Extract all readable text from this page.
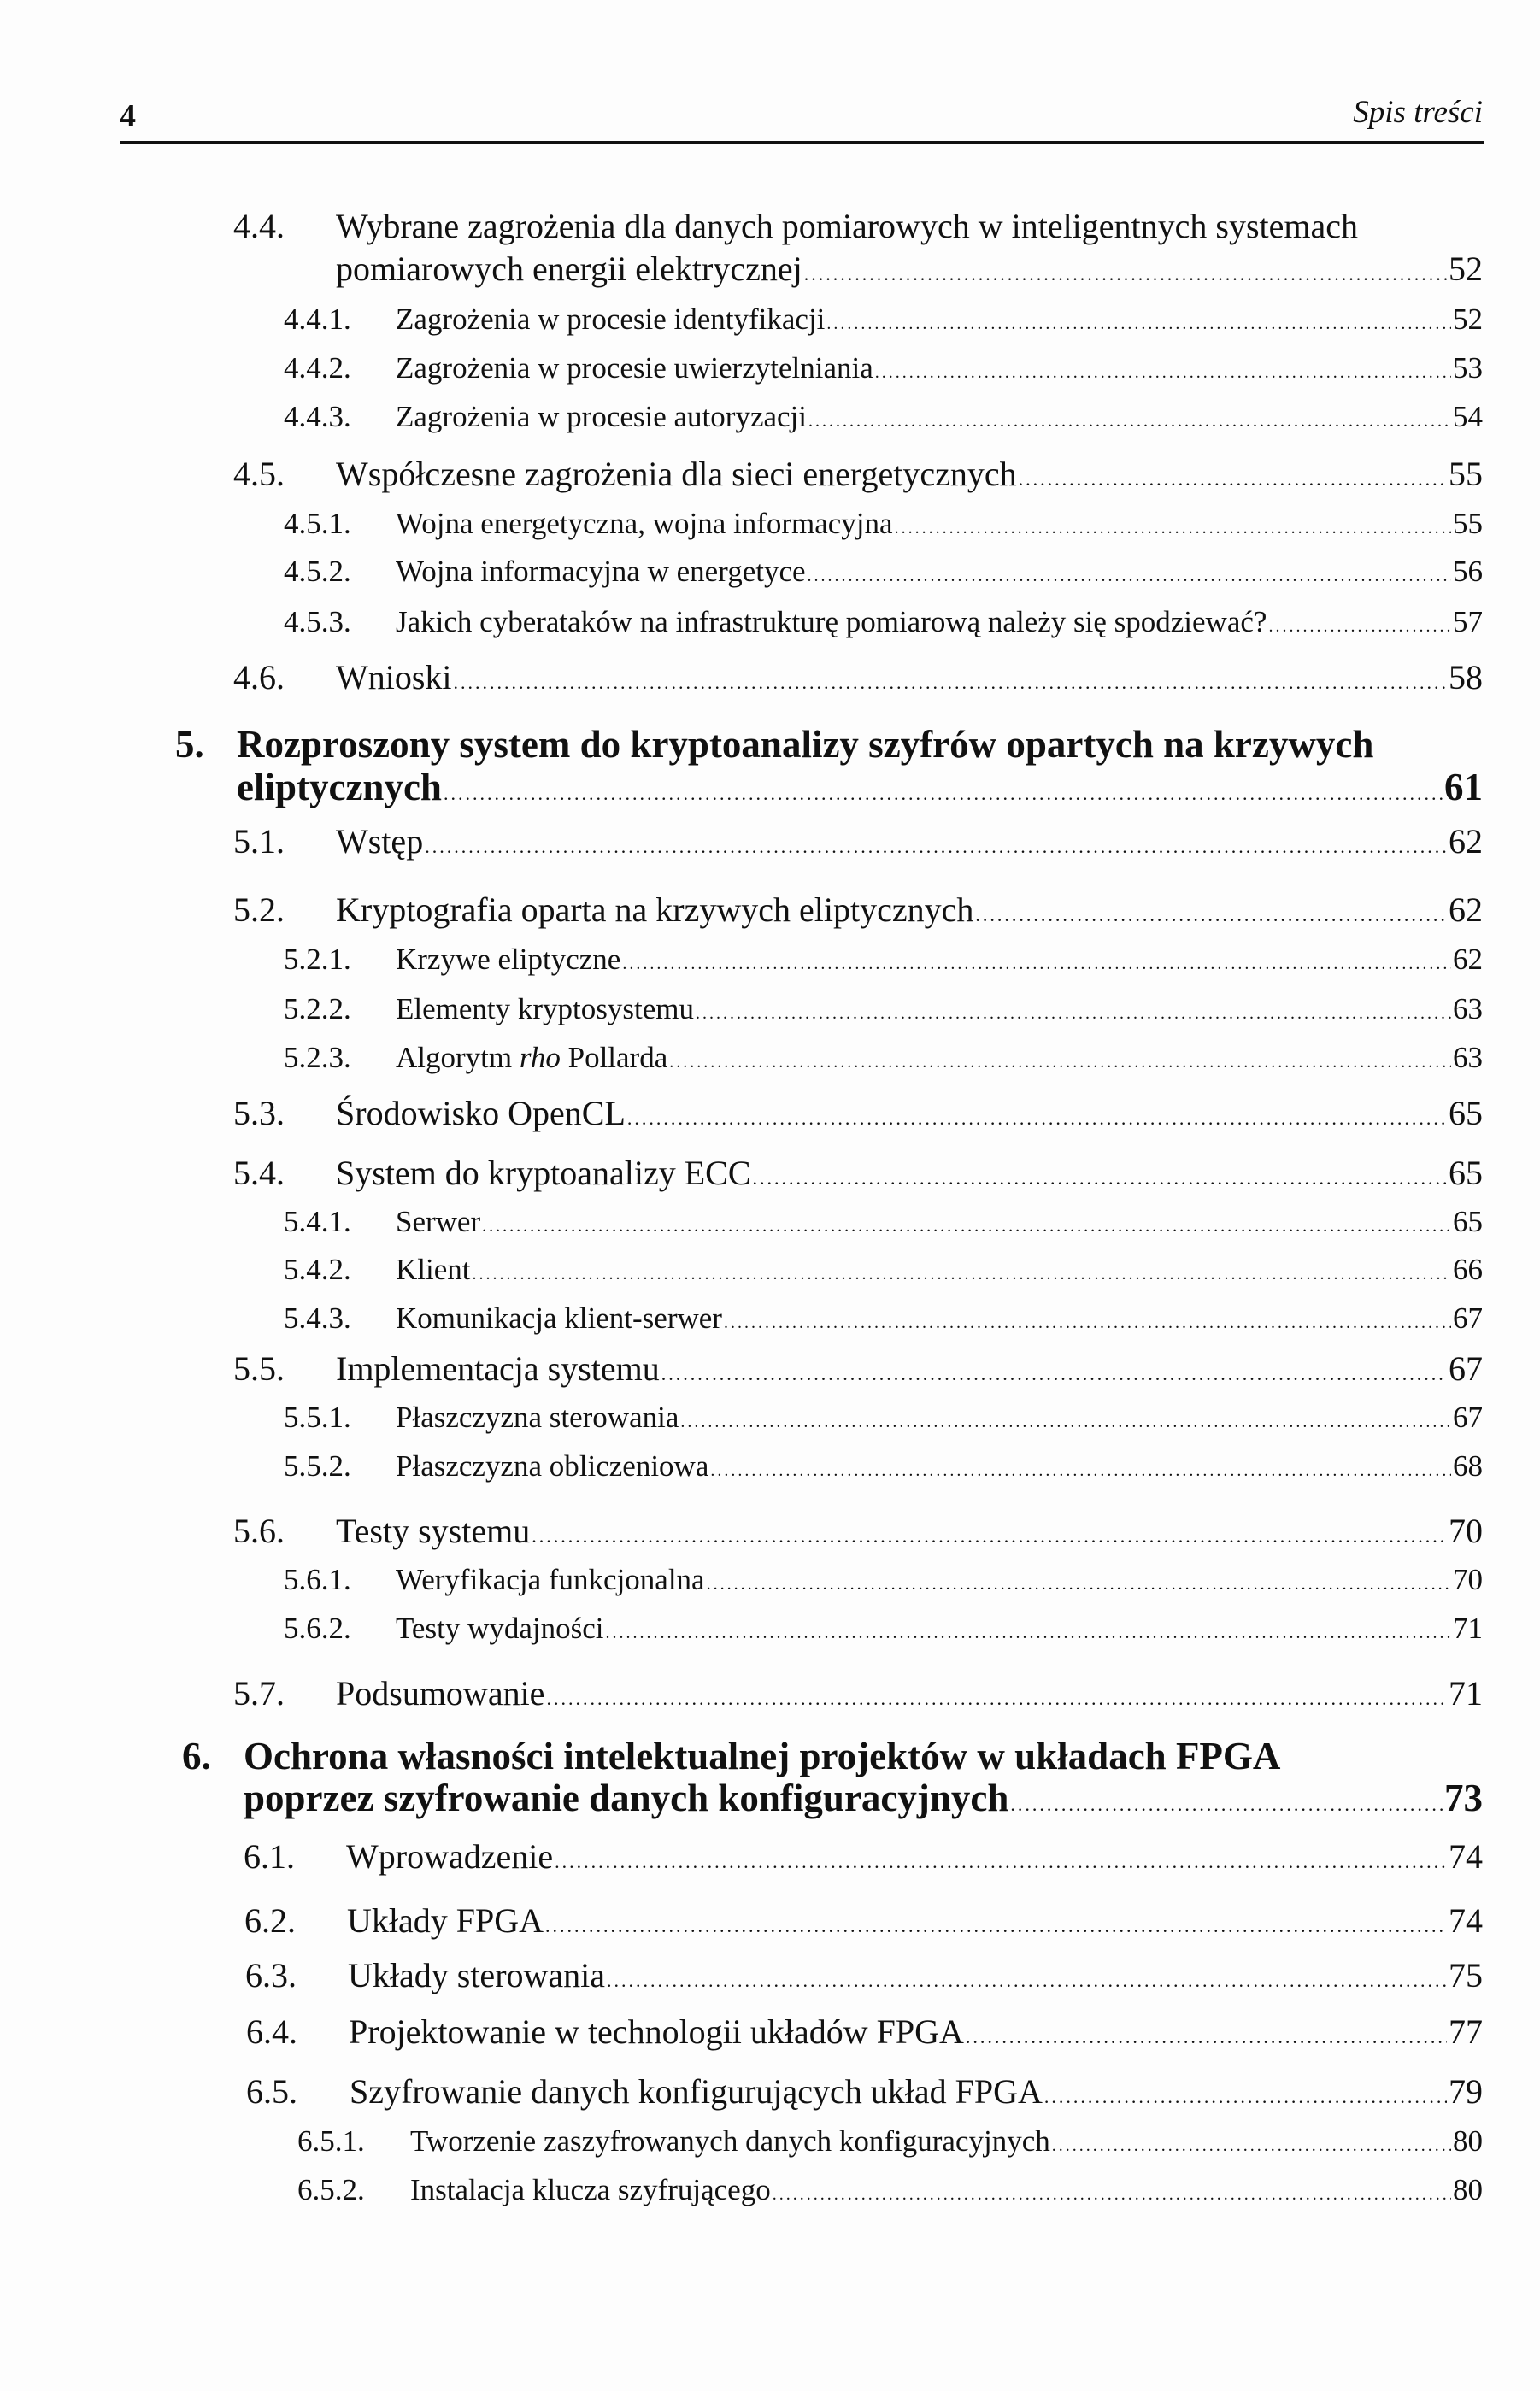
4	Spis treści
4.4. Wybrane zagrożenia dla danych pomiarowych w inteligentnych systemach
pomiarowych energii elektrycznej .....	52
4.4.1. Zagrożenia w procesie identyfikacji .....	52
4.4.2. Zagrożenia w procesie uwierzytelniania .....	53
4.4.3. Zagrożenia w procesie autoryzacji .....	54
4.5. Współczesne zagrożenia dla sieci energetycznych .....	55
4.5.1. Wojna energetyczna, wojna informacyjna .....	55
4.5.2. Wojna informacyjna w energetyce .....	56
4.5.3. Jakich cyberataków na infrastrukturę pomiarową należy się spodziewać? .....	57
4.6. Wnioski .....	58
5. Rozproszony system do kryptoanalizy szyfrów opartych na krzywych
eliptycznych .....	61
5.1. Wstęp .....	62
5.2. Kryptografia oparta na krzywych eliptycznych .....	62
5.2.1. Krzywe eliptyczne .....	62
5.2.2. Elementy kryptosystemu .....	63
5.2.3. Algorytm rho Pollarda .....	63
5.3. Środowisko OpenCL .....	65
5.4. System do kryptoanalizy ECC .....	65
5.4.1. Serwer .....	65
5.4.2. Klient .....	66
5.4.3. Komunikacja klient-serwer .....	67
5.5. Implementacja systemu .....	67
5.5.1. Płaszczyzna sterowania .....	67
5.5.2. Płaszczyzna obliczeniowa .....	68
5.6. Testy systemu .....	70
5.6.1. Weryfikacja funkcjonalna .....	70
5.6.2. Testy wydajności .....	71
5.7. Podsumowanie .....	71
6. Ochrona własności intelektualnej projektów w układach FPGA
poprzez szyfrowanie danych konfiguracyjnych .....	73
6.1. Wprowadzenie .....	74
6.2. Układy FPGA .....	74
6.3. Układy sterowania .....	75
6.4. Projektowanie w technologii układów FPGA .....	77
6.5. Szyfrowanie danych konfigurujących układ FPGA .....	79
6.5.1. Tworzenie zaszyfrowanych danych konfiguracyjnych .....	80
6.5.2. Instalacja klucza szyfrującego .....	80
